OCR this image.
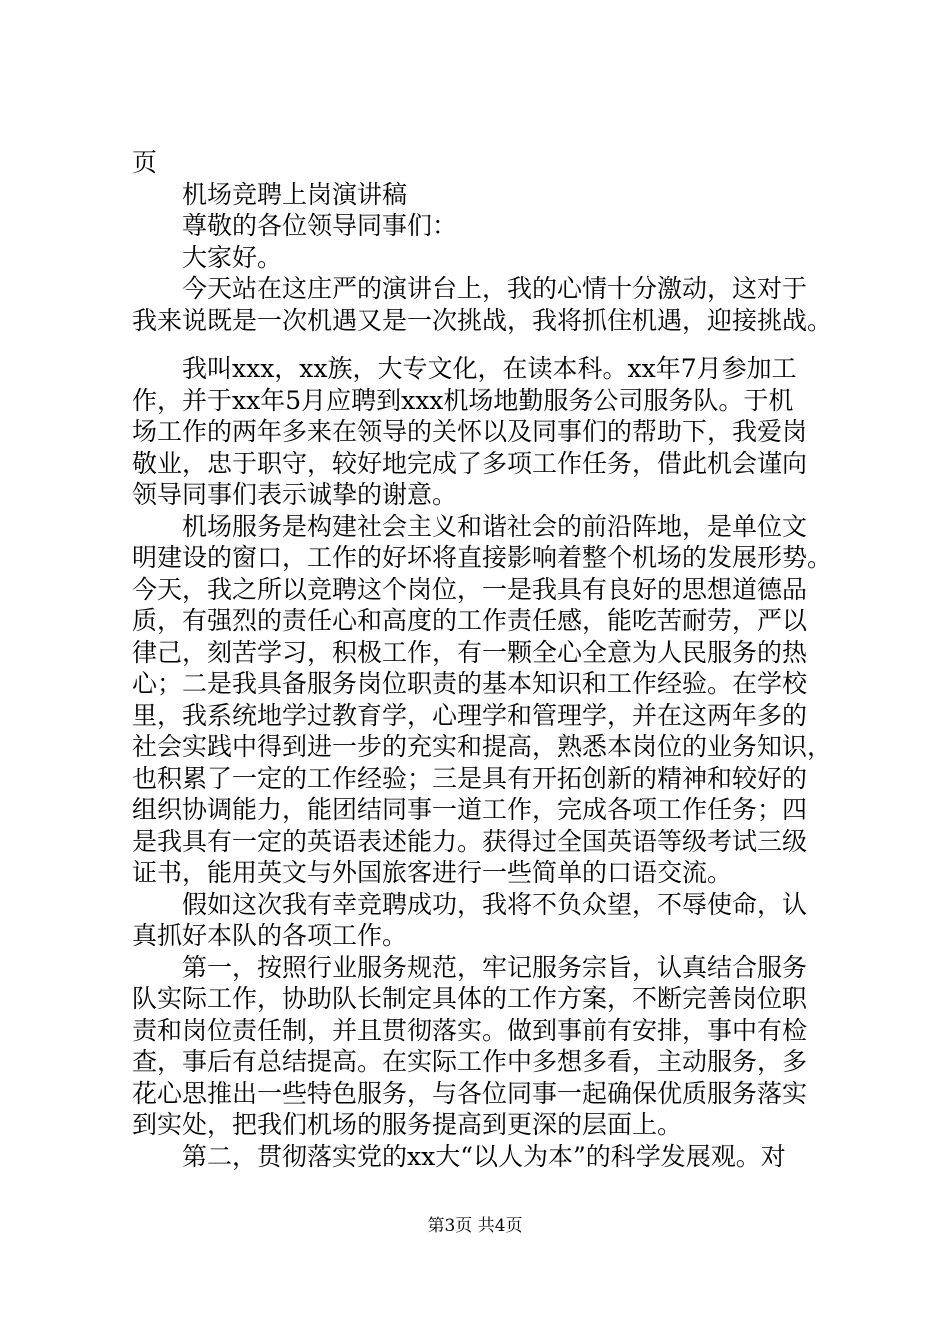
页
机场竞聘上岗演讲稿
尊敬的各位领导同事们：
大家好。
今天站在这庄严的演讲台上，我的心情十分激动，这对于
我来说既是一次机遇又是一次挑战，我将抓住机遇，迎接挑战。
我叫xxx，xx族，大专文化，在读本科。xx年7月参加工
作，并于xx年5月应聘到xxx机场地勤服务公司服务队。于机
场工作的两年多来在领导的关怀以及同事们的帮助下，我爱岗
敬业，忠于职守，较好地完成了多项工作任务，借此机会谨向
领导同事们表示诚挚的谢意。
机场服务是构建社会主义和谐社会的前沿阵地，是单位文
明建设的窗口，工作的好坏将直接影响着整个机场的发展形势。
今天，我之所以竞聘这个岗位，一是我具有良好的思想道德品
质，有强烈的责任心和高度的工作责任感，能吃苦耐劳，严以
律己，刻苦学习，积极工作，有一颗全心全意为人民服务的热
心；二是我具备服务岗位职责的基本知识和工作经验。在学校
里，我系统地学过教育学，心理学和管理学，并在这两年多的
社会实践中得到进一步的充实和提高，熟悉本岗位的业务知识，
也积累了一定的工作经验；三是具有开拓创新的精神和较好的
组织协调能力，能团结同事一道工作，完成各项工作任务；四
是我具有一定的英语表述能力。获得过全国英语等级考试三级
证书，能用英文与外国旅客进行一些简单的口语交流。
假如这次我有幸竞聘成功，我将不负众望，不辱使命，认
真抓好本队的各项工作。
第一，按照行业服务规范，牢记服务宗旨，认真结合服务
队实际工作，协助队长制定具体的工作方案，不断完善岗位职
责和岗位责任制，并且贯彻落实。做到事前有安排，事中有检
查，事后有总结提高。在实际工作中多想多看，主动服务，多
花心思推出一些特色服务，与各位同事一起确保优质服务落实
到实处，把我们机场的服务提高到更深的层面上。
第二，贯彻落实党的xx大“以人为本”的科学发展观。对
第3页 共4页
